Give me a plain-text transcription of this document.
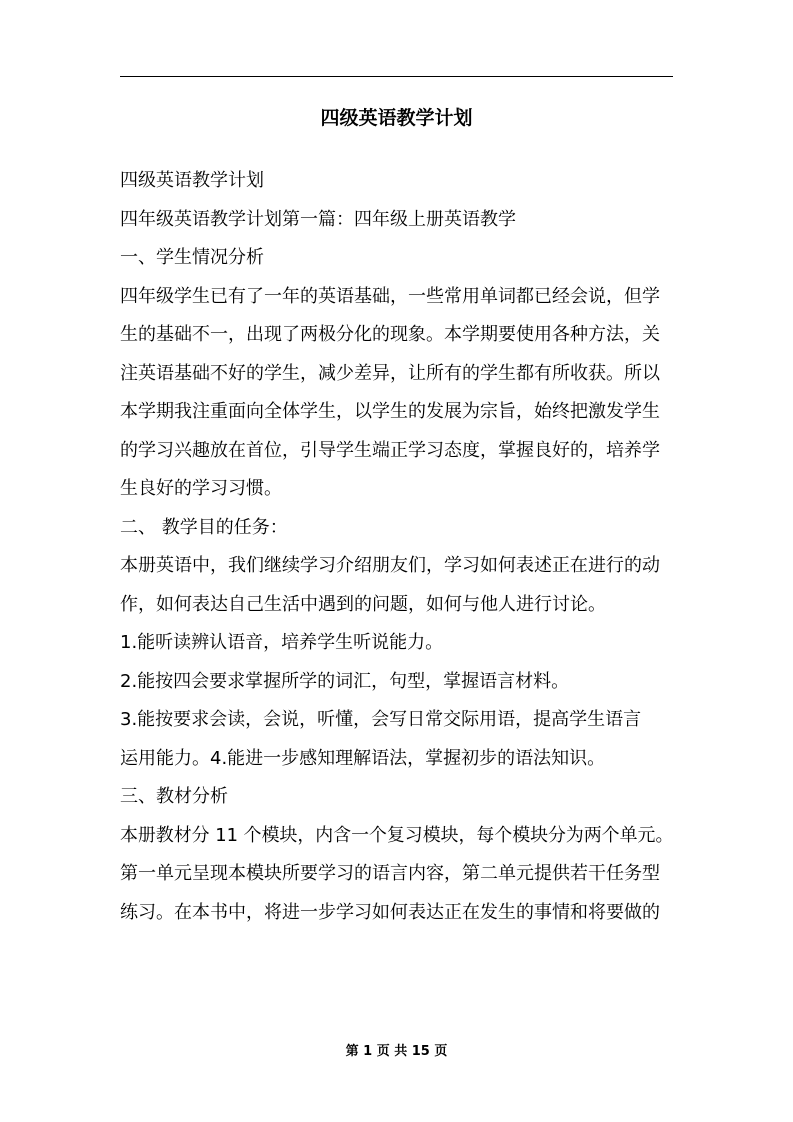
四级英语教学计划
四级英语教学计划
四年级英语教学计划第一篇：四年级上册英语教学
一、学生情况分析
四年级学生已有了一年的英语基础，一些常用单词都已经会说，但学
生的基础不一，出现了两极分化的现象。本学期要使用各种方法，关
注英语基础不好的学生，减少差异，让所有的学生都有所收获。所以
本学期我注重面向全体学生，以学生的发展为宗旨，始终把激发学生
的学习兴趣放在首位，引导学生端正学习态度，掌握良好的，培养学
生良好的学习习惯。
二、 教学目的任务：
本册英语中，我们继续学习介绍朋友们，学习如何表述正在进行的动
作，如何表达自己生活中遇到的问题，如何与他人进行讨论。
1.能听读辨认语音，培养学生听说能力。
2.能按四会要求掌握所学的词汇，句型，掌握语言材料。
3.能按要求会读，会说，听懂，会写日常交际用语，提高学生语言
运用能力。4.能进一步感知理解语法，掌握初步的语法知识。
三、教材分析
本册教材分 11 个模块，内含一个复习模块，每个模块分为两个单元。
第一单元呈现本模块所要学习的语言内容，第二单元提供若干任务型
练习。在本书中，将进一步学习如何表达正在发生的事情和将要做的
第 1 页 共 15 页
